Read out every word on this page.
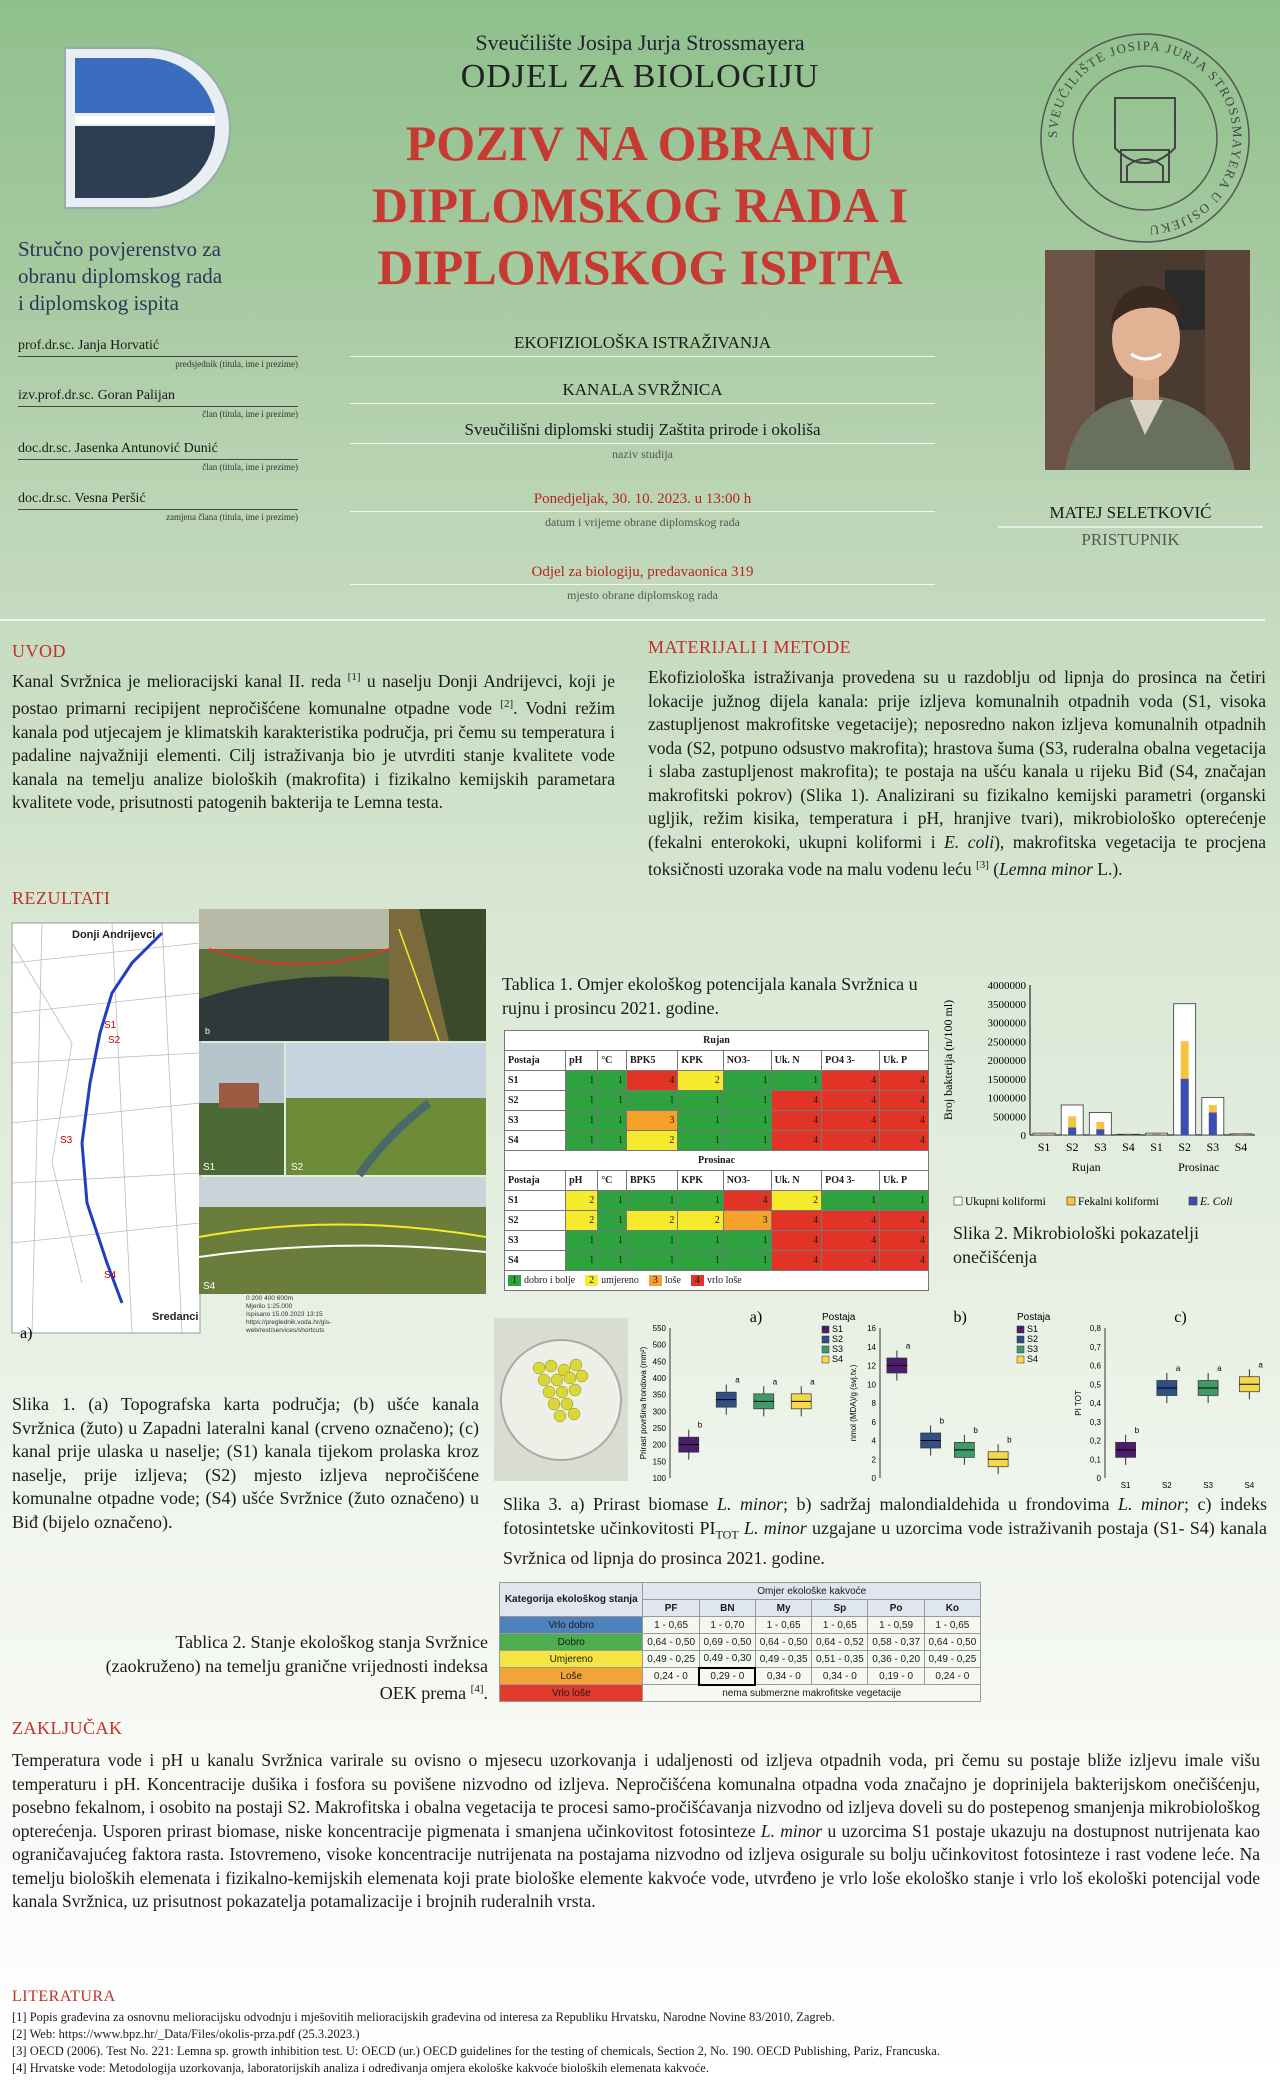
Sveučilište Josipa Jurja Strossmayera
ODJEL ZA BIOLOGIJU
POZIV NA OBRANU
DIPLOMSKOG RADA I
DIPLOMSKOG ISPITA
SVEUČILIŠTE JOSIPA JURJA STROSSMAYERA U OSIJEKU
Stručno povjerenstvo za
obranu diplomskog rada
i diplomskog ispita
prof.dr.sc. Janja Horvatić
predsjednik (titula, ime i prezime)
izv.prof.dr.sc. Goran Palijan
član (titula, ime i prezime)
doc.dr.sc. Jasenka Antunović Dunić
član (titula, ime i prezime)
doc.dr.sc. Vesna Peršić
zamjena člana (titula, ime i prezime)
EKOFIZIOLOŠKA ISTRAŽIVANJA
KANALA SVRŽNICA
Sveučilišni diplomski studij Zaštita prirode i okoliša
naziv studija
Ponedjeljak, 30. 10. 2023. u 13:00 h
datum i vrijeme obrane diplomskog rada
Odjel za biologiju, predavaonica 319
mjesto obrane diplomskog rada
MATEJ SELETKOVIĆ
PRISTUPNIK
UVOD
Kanal Svržnica je melioracijski kanal II. reda [1] u naselju Donji Andrijevci, koji je postao primarni recipijent nepročišćene komunalne otpadne vode [2]. Vodni režim kanala pod utjecajem je klimatskih karakteristika područja, pri čemu su temperatura i padaline najvažniji elementi. Cilj istraživanja bio je utvrditi stanje kvalitete vode kanala na temelju analize bioloških (makrofita) i fizikalno kemijskih parametara kvalitete vode, prisutnosti patogenih bakterija te Lemna testa.
MATERIJALI I METODE
Ekofiziološka istraživanja provedena su u razdoblju od lipnja do prosinca na četiri lokacije južnog dijela kanala: prije izljeva komunalnih otpadnih voda (S1, visoka zastupljenost makrofitske vegetacije); neposredno nakon izljeva komunalnih otpadnih voda (S2, potpuno odsustvo makrofita); hrastova šuma (S3, ruderalna obalna vegetacija i slaba zastupljenost makrofita); te postaja na ušću kanala u rijeku Biđ (S4, značajan makrofitski pokrov) (Slika 1). Analizirani su fizikalno kemijski parametri (organski ugljik, režim kisika, temperatura i pH, hranjive tvari), mikrobiološko opterećenje (fekalni enterokoki, ukupni koliformi i E. coli), makrofitska vegetacija te procjena toksičnosti uzoraka vode na malu vodenu leću [3] (Lemna minor L.).
REZULTATI
Donji Andrijevci
S1
S2
S3
S4
Sredanci
a)
0 200 400 600m
Mjerilo 1:25.000
Ispisano 15.09.2023 13:15
https://preglednik.voda.hr/gis-web/rest/services/shortcuts
b
S1	S2
S4
Slika 1. (a) Topografska karta područja; (b) ušće kanala Svržnica (žuto) u Zapadni lateralni kanal (crveno označeno); (c) kanal prije ulaska u naselje; (S1) kanala tijekom prolaska kroz naselje, prije izljeva; (S2) mjesto izljeva nepročišćene komunalne otpadne vode; (S4) ušće Svržnice (žuto označeno) u Biđ (bijelo označeno).
Tablica 1. Omjer ekološkog potencijala kanala Svržnica u rujnu i prosincu 2021. godine.
Rujan								
Postaja	pH	°C	BPK5	KPK	NO3-	Uk. N	PO4 3-	Uk. P
S1	1	1	4	2	1	1	4	4
S2	1	1	1	1	1	4	4	4
S3	1	1	3	1	1	4	4	4
S4	1	1	2	1	1	4	4	4
Prosinac								
Postaja	pH	°C	BPK5	KPK	NO3-	Uk. N	PO4 3-	Uk. P
S1	2	1	1	1	4	2	1	1
S2	2	1	2	2	3	4	4	4
S3	1	1	1	1	1	4	4	4
S4	1	1	1	1	1	4	4	4
1 dobro i bolje 2 umjereno 3 loše 4 vrlo loše								
0
500000
1000000
1500000
2000000
2500000
3000000
3500000
4000000
Broj bakterija (n/100 ml)
S1 S2 S3 S4 S1 S2 S3 S4
Rujan	Prosinac
Ukupni koliformi	Fekalni koliformi	E. Coli
Slika 2. Mikrobiološki pokazatelji onečišćenja
100
150
200
250
300
350
400
450
500
550
Prirast površina frondova (mm²)	b
a	a	a
a)	Postaja
S1
S2
S3
S4
0
2
4
6
8
10
12
14
16
nmol (MDA)/g (svj.tv.)
a
b
b
b
b)	Postaja
S1
S2
S3
S4
0
0,1
0,2
0,3
0,4
0,5
0,6
0,7
0,8
PI TOT
b
S1
a
S2
a
S3
a
S4
c)
Slika 3. a) Prirast biomase L. minor; b) sadržaj malondialdehida u frondovima L. minor; c) indeks fotosintetske učinkovitosti $PI_{TOT}$ L. minor uzgajane u uzorcima vode istraživanih postaja (S1- S4) kanala Svržnica od lipnja do prosinca 2021. godine.
Tablica 2. Stanje ekološkog stanja Svržnice (zaokruženo) na temelju granične vrijednosti indeksa OEK prema [4].
Kategorija ekološkog stanja	Omjer ekološke kakvoće					
	PF	BN	My	Sp	Po	Ko
Vrlo dobro	1 - 0,65	1 - 0,70	1 - 0,65	1 - 0,65	1 - 0,59	1 - 0,65
Dobro	0,64 - 0,50	0,69 - 0,50	0,64 - 0,50	0,64 - 0,52	0,58 - 0,37	0,64 - 0,50
Umjereno	0,49 - 0,25	0,49 - 0,30	0,49 - 0,35	0,51 - 0,35	0,36 - 0,20	0,49 - 0,25
Loše	0,24 - 0	0,29 - 0	0,34 - 0	0,34 - 0	0,19 - 0	0,24 - 0
Vrlo loše	nema submerzne makrofitske vegetacije					
ZAKLJUČAK
Temperatura vode i pH u kanalu Svržnica varirale su ovisno o mjesecu uzorkovanja i udaljenosti od izljeva otpadnih voda, pri čemu su postaje bliže izljevu imale višu temperaturu i pH. Koncentracije dušika i fosfora su povišene nizvodno od izljeva. Nepročišćena komunalna otpadna voda značajno je doprinijela bakterijskom onečišćenju, posebno fekalnom, i osobito na postaji S2. Makrofitska i obalna vegetacija te procesi samo-pročišćavanja nizvodno od izljeva doveli su do postepenog smanjenja mikrobiološkog opterećenja. Usporen prirast biomase, niske koncentracije pigmenata i smanjena učinkovitost fotosinteze L. minor u uzorcima S1 postaje ukazuju na dostupnost nutrijenata kao ograničavajućeg faktora rasta. Istovremeno, visoke koncentracije nutrijenata na postajama nizvodno od izljeva osigurale su bolju učinkovitost fotosinteze i rast vodene leće. Na temelju bioloških elemenata i fizikalno-kemijskih elemenata koji prate biološke elemente kakvoće vode, utvrđeno je vrlo loše ekološko stanje i vrlo loš ekološki potencijal vode kanala Svržnica, uz prisutnost pokazatelja potamalizacije i brojnih ruderalnih vrsta.
LITERATURA
[1] Popis građevina za osnovnu melioracijsku odvodnju i mješovitih melioracijskih građevina od interesa za Republiku Hrvatsku, Narodne Novine 83/2010, Zagreb.
[2] Web: https://www.bpz.hr/_Data/Files/okolis-prza.pdf (25.3.2023.)
[3] OECD (2006). Test No. 221: Lemna sp. growth inhibition test. U: OECD (ur.) OECD guidelines for the testing of chemicals, Section 2, No. 190. OECD Publishing, Pariz, Francuska.
[4] Hrvatske vode: Metodologija uzorkovanja, laboratorijskih analiza i određivanja omjera ekološke kakvoće bioloških elemenata kakvoće.
